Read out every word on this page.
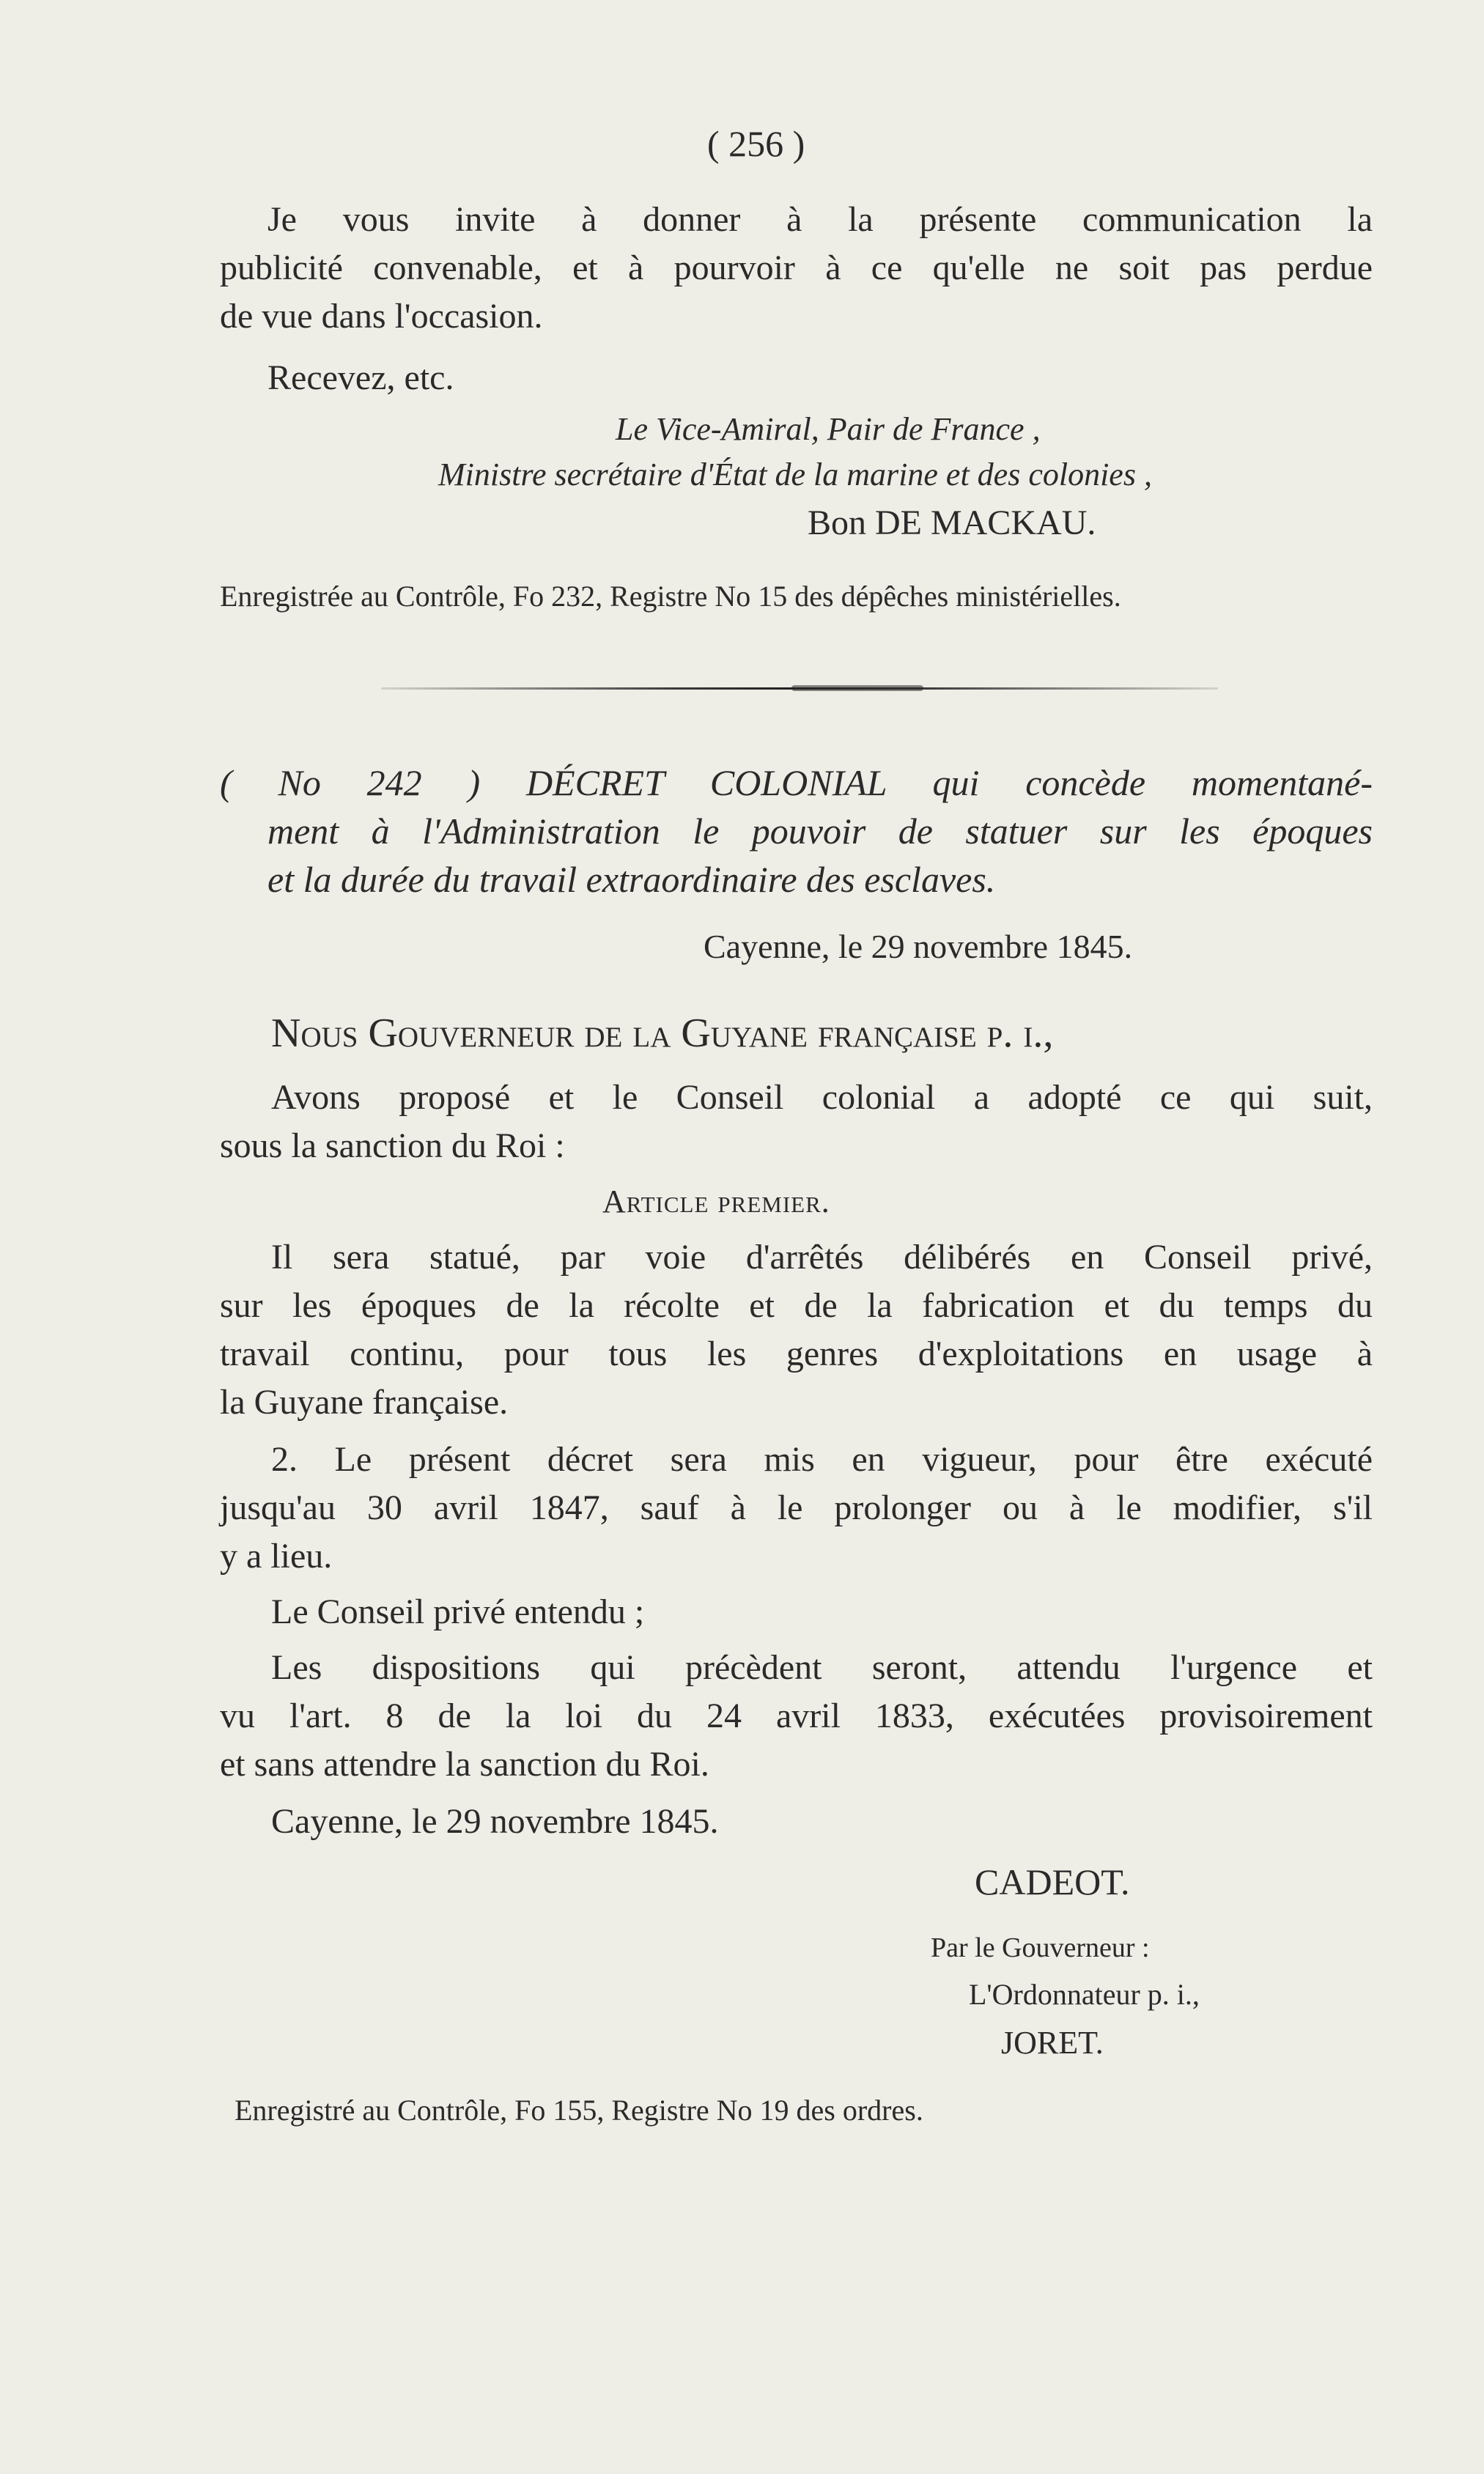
( 256 )
Je vous invite à donner à la présente communication la
publicité convenable, et à pourvoir à ce qu'elle ne soit pas perdue
de vue dans l'occasion.
Recevez, etc.
Le Vice-Amiral, Pair de France ,
Ministre secrétaire d'État de la marine et des colonies ,
Bon DE MACKAU.
Enregistrée au Contrôle, Fo 232, Registre No 15 des dépêches ministérielles.
( No 242 ) DÉCRET COLONIAL qui concède momentané-
ment à l'Administration le pouvoir de statuer sur les époques
et la durée du travail extraordinaire des esclaves.
Cayenne, le 29 novembre 1845.
Nous Gouverneur de la Guyane française p. i.,
Avons proposé et le Conseil colonial a adopté ce qui suit,
sous la sanction du Roi :
Article premier.
Il sera statué, par voie d'arrêtés délibérés en Conseil privé,
sur les époques de la récolte et de la fabrication et du temps du
travail continu, pour tous les genres d'exploitations en usage à
la Guyane française.
2. Le présent décret sera mis en vigueur, pour être exécuté
jusqu'au 30 avril 1847, sauf à le prolonger ou à le modifier, s'il
y a lieu.
Le Conseil privé entendu ;
Les dispositions qui précèdent seront, attendu l'urgence et
vu l'art. 8 de la loi du 24 avril 1833, exécutées provisoirement
et sans attendre la sanction du Roi.
Cayenne, le 29 novembre 1845.
CADEOT.
Par le Gouverneur :
L'Ordonnateur p. i.,
JORET.
Enregistré au Contrôle, Fo 155, Registre No 19 des ordres.
